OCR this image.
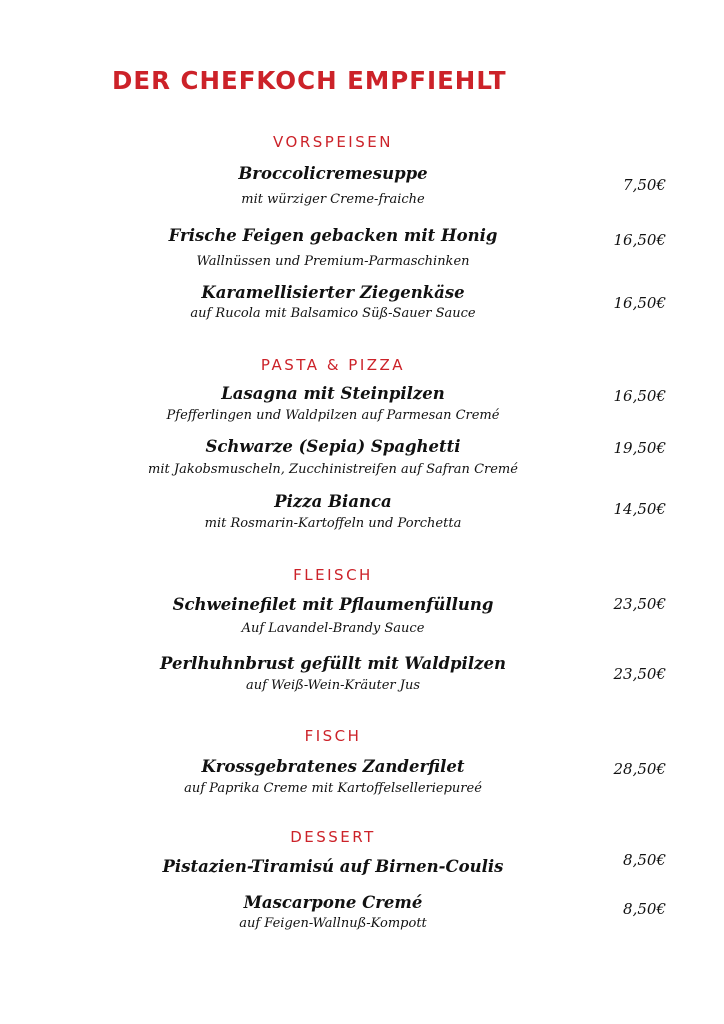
DER CHEFKOCH EMPFIEHLT
VORSPEISEN
Broccolicremesuppe
mit würziger Creme-fraiche
7,50€
Frische Feigen gebacken mit Honig
Wallnüssen und Premium-Parmaschinken
16,50€
Karamellisierter Ziegenkäse
auf Rucola mit Balsamico Süß-Sauer Sauce
16,50€
PASTA & PIZZA
Lasagna mit Steinpilzen
Pfefferlingen und Waldpilzen auf Parmesan Cremé
16,50€
Schwarze (Sepia) Spaghetti
mit Jakobsmuscheln, Zucchinistreifen auf Safran Cremé
19,50€
Pizza Bianca
mit Rosmarin-Kartoffeln und Porchetta
14,50€
FLEISCH
Schweinefilet mit Pflaumenfüllung
Auf Lavandel-Brandy Sauce
23,50€
Perlhuhnbrust gefüllt mit Waldpilzen
auf Weiß-Wein-Kräuter Jus
23,50€
FISCH
Krossgebratenes Zanderfilet
auf Paprika Creme mit Kartoffelselleriepureé
28,50€
DESSERT
Pistazien-Tiramisú auf Birnen-Coulis	8,50€
Mascarpone Cremé
auf Feigen-Wallnuß-Kompott
8,50€
